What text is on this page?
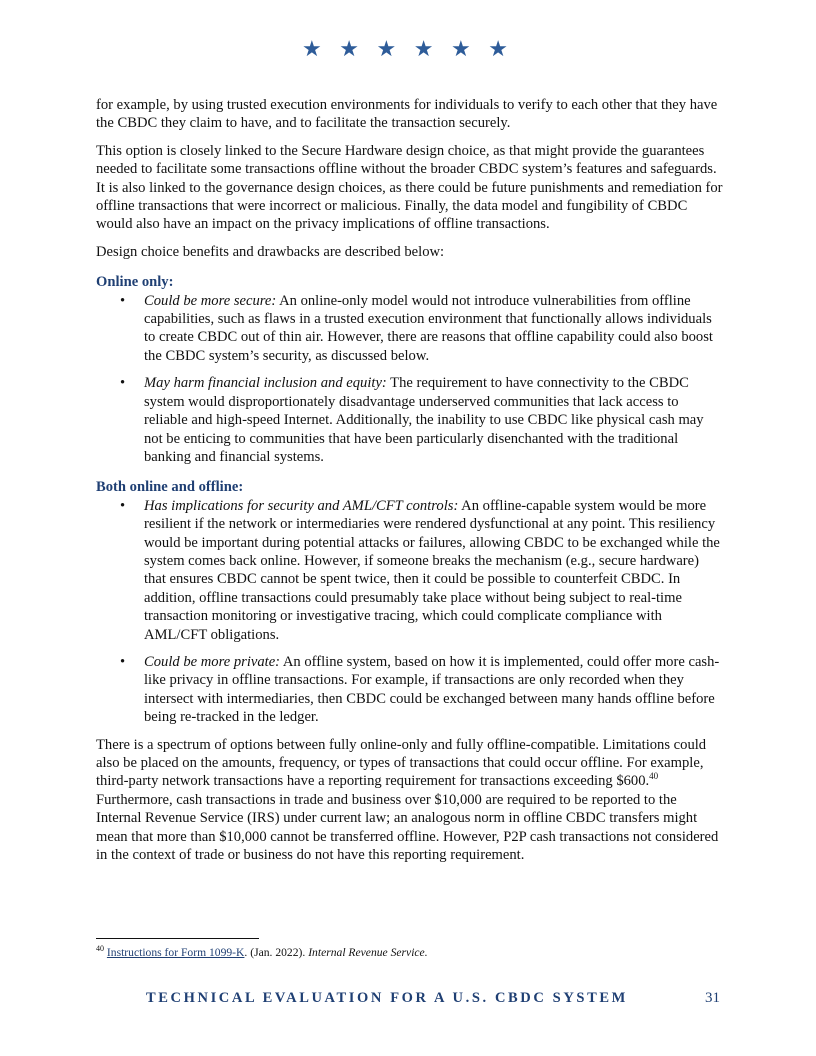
★ ★ ★ ★ ★ ★

for example, by using trusted execution environments for individuals to verify to each other that they have the CBDC they claim to have, and to facilitate the transaction securely.

This option is closely linked to the Secure Hardware design choice, as that might provide the guarantees needed to facilitate some transactions offline without the broader CBDC system’s features and safeguards. It is also linked to the governance design choices, as there could be future punishments and remediation for offline transactions that were incorrect or malicious. Finally, the data model and fungibility of CBDC would also have an impact on the privacy implications of offline transactions.

Design choice benefits and drawbacks are described below:

Online only:
• Could be more secure: An online-only model would not introduce vulnerabilities from offline capabilities, such as flaws in a trusted execution environment that functionally allows individuals to create CBDC out of thin air. However, there are reasons that offline capability could also boost the CBDC system’s security, as discussed below.
• May harm financial inclusion and equity: The requirement to have connectivity to the CBDC system would disproportionately disadvantage underserved communities that lack access to reliable and high-speed Internet. Additionally, the inability to use CBDC like physical cash may not be enticing to communities that have been particularly disenchanted with the traditional banking and financial systems.
Both online and offline:
• Has implications for security and AML/CFT controls: An offline-capable system would be more resilient if the network or intermediaries were rendered dysfunctional at any point. This resiliency would be important during potential attacks or failures, allowing CBDC to be exchanged while the system comes back online. However, if someone breaks the mechanism (e.g., secure hardware) that ensures CBDC cannot be spent twice, then it could be possible to counterfeit CBDC. In addition, offline transactions could presumably take place without being subject to real-time transaction monitoring or investigative tracing, which could complicate compliance with AML/CFT obligations.
• Could be more private: An offline system, based on how it is implemented, could offer more cash-like privacy in offline transactions. For example, if transactions are only recorded when they intersect with intermediaries, then CBDC could be exchanged between many hands offline before being re-tracked in the ledger.

There is a spectrum of options between fully online-only and fully offline-compatible. Limitations could also be placed on the amounts, frequency, or types of transactions that could occur offline. For example, third-party network transactions have a reporting requirement for transactions exceeding $600.40 Furthermore, cash transactions in trade and business over $10,000 are required to be reported to the Internal Revenue Service (IRS) under current law; an analogous norm in offline CBDC transfers might mean that more than $10,000 cannot be transferred offline. However, P2P cash transactions not considered in the context of trade or business do not have this reporting requirement.

$^{40}$ Instructions for Form 1099-K. (Jan. 2022). Internal Revenue Service.
TECHNICAL EVALUATION FOR A U.S. CBDC SYSTEM	31
